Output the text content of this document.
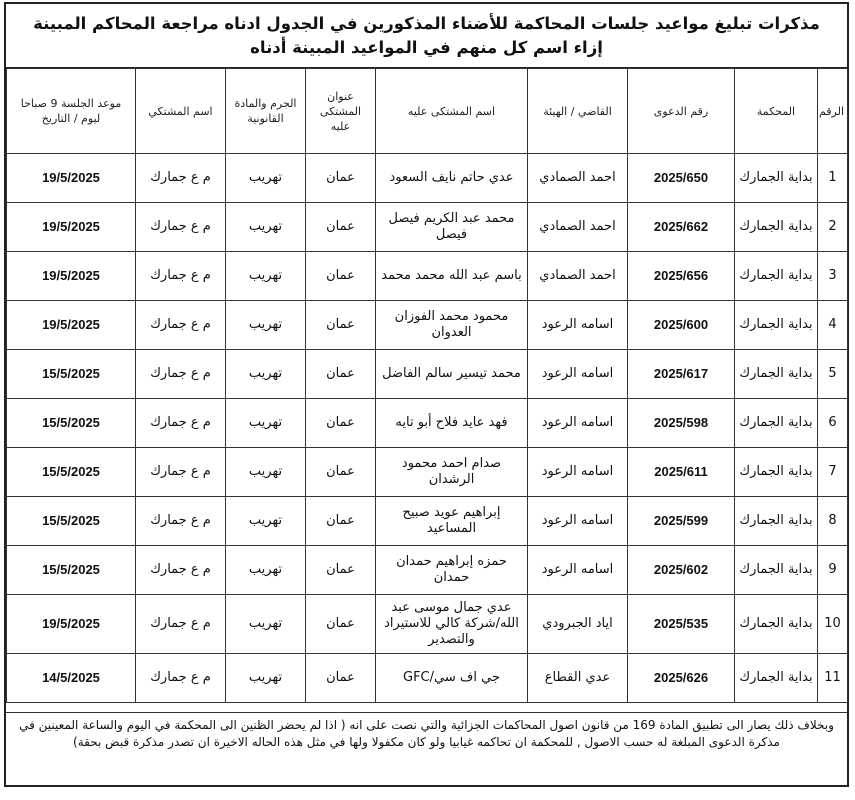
مذكرات تبليغ مواعيد جلسات المحاكمة للأضناء المذكورين في الجدول ادناه مراجعة المحاكم المبينة إزاء اسم كل منهم في المواعيد المبينة أدناه
الرقم	المحكمة	رقم الدعوى	القاضي / الهيئة	اسم المشتكى عليه	عنوان المشتكى عليه	الجرم والمادة القانونية	اسم المشتكي	موعد الجلسة 9 صباحا ليوم / التاريخ
1	بداية الجمارك	2025/650	احمد الصمادي	عدي حاتم نايف السعود	عمان	تهريب	م ع جمارك	19/5/2025
2	بداية الجمارك	2025/662	احمد الصمادي	محمد عبد الكريم فيصل فيصل	عمان	تهريب	م ع جمارك	19/5/2025
3	بداية الجمارك	2025/656	احمد الصمادي	باسم عبد الله محمد محمد	عمان	تهريب	م ع جمارك	19/5/2025
4	بداية الجمارك	2025/600	اسامه الرعود	محمود محمد الفوزان العدوان	عمان	تهريب	م ع جمارك	19/5/2025
5	بداية الجمارك	2025/617	اسامه الرعود	محمد تيسير سالم الفاضل	عمان	تهريب	م ع جمارك	15/5/2025
6	بداية الجمارك	2025/598	اسامه الرعود	فهد عايد فلاح أبو تايه	عمان	تهريب	م ع جمارك	15/5/2025
7	بداية الجمارك	2025/611	اسامه الرعود	صدام احمد محمود الرشدان	عمان	تهريب	م ع جمارك	15/5/2025
8	بداية الجمارك	2025/599	اسامه الرعود	إبراهيم عويد صبيح المساعيد	عمان	تهريب	م ع جمارك	15/5/2025
9	بداية الجمارك	2025/602	اسامه الرعود	حمزه إبراهيم حمدان حمدان	عمان	تهريب	م ع جمارك	15/5/2025
10	بداية الجمارك	2025/535	اياد الجبرودي	عدي جمال موسى عبد الله/شركة كالي للاستيراد والتصدير	عمان	تهريب	م ع جمارك	19/5/2025
11	بداية الجمارك	2025/626	عدي القطاع	جي اف سي/GFC	عمان	تهريب	م ع جمارك	14/5/2025
وبخلاف ذلك يصار الى تطبيق المادة 169 من قانون اصول المحاكمات الجزائية والتي نصت على انه ( اذا لم يحضر الظنين الى المحكمة في اليوم والساعة المعينين في مذكرة الدعوى المبلغة له حسب الاصول , للمحكمة ان تحاكمه غيابيا ولو كان مكفولا ولها في مثل هذه الحاله الاخيرة ان تصدر مذكرة قبض بحقة)
